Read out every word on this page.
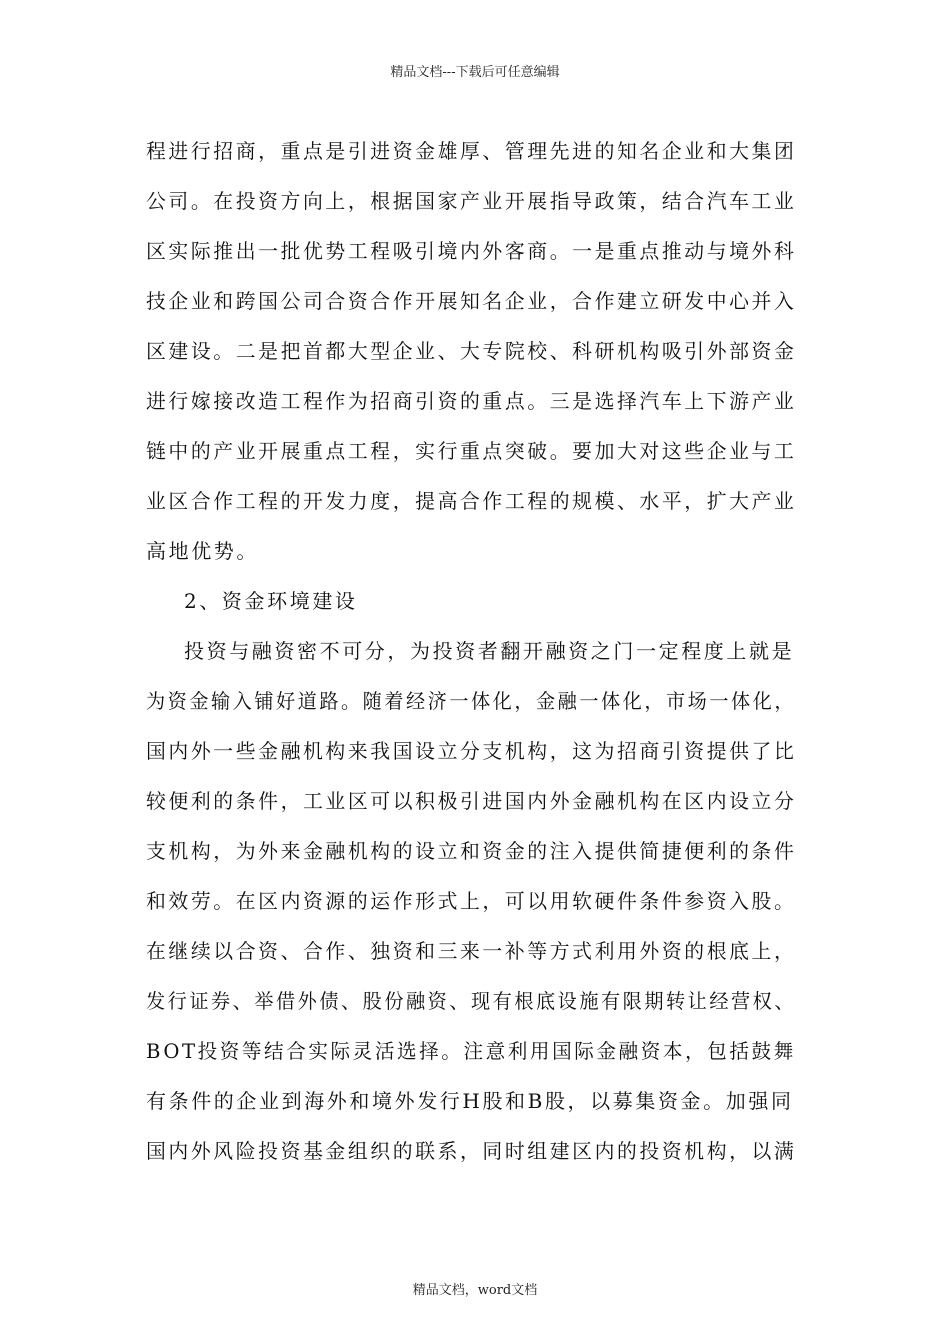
精品文档---下载后可任意编辑
程进行招商，重点是引进资金雄厚、管理先进的知名企业和大集团
公司。在投资方向上，根据国家产业开展指导政策，结合汽车工业
区实际推出一批优势工程吸引境内外客商。一是重点推动与境外科
技企业和跨国公司合资合作开展知名企业，合作建立研发中心并入
区建设。二是把首都大型企业、大专院校、科研机构吸引外部资金
进行嫁接改造工程作为招商引资的重点。三是选择汽车上下游产业
链中的产业开展重点工程，实行重点突破。要加大对这些企业与工
业区合作工程的开发力度，提高合作工程的规模、水平，扩大产业
高地优势。
2、资金环境建设
投资与融资密不可分，为投资者翻开融资之门一定程度上就是
为资金输入铺好道路。随着经济一体化，金融一体化，市场一体化，
国内外一些金融机构来我国设立分支机构，这为招商引资提供了比
较便利的条件，工业区可以积极引进国内外金融机构在区内设立分
支机构，为外来金融机构的设立和资金的注入提供简捷便利的条件
和效劳。在区内资源的运作形式上，可以用软硬件条件参资入股。
在继续以合资、合作、独资和三来一补等方式利用外资的根底上，
发行证券、举借外债、股份融资、现有根底设施有限期转让经营权、
BOT投资等结合实际灵活选择。注意利用国际金融资本，包括鼓舞
有条件的企业到海外和境外发行H股和B股，以募集资金。加强同
国内外风险投资基金组织的联系，同时组建区内的投资机构，以满
精品文档，word文档
